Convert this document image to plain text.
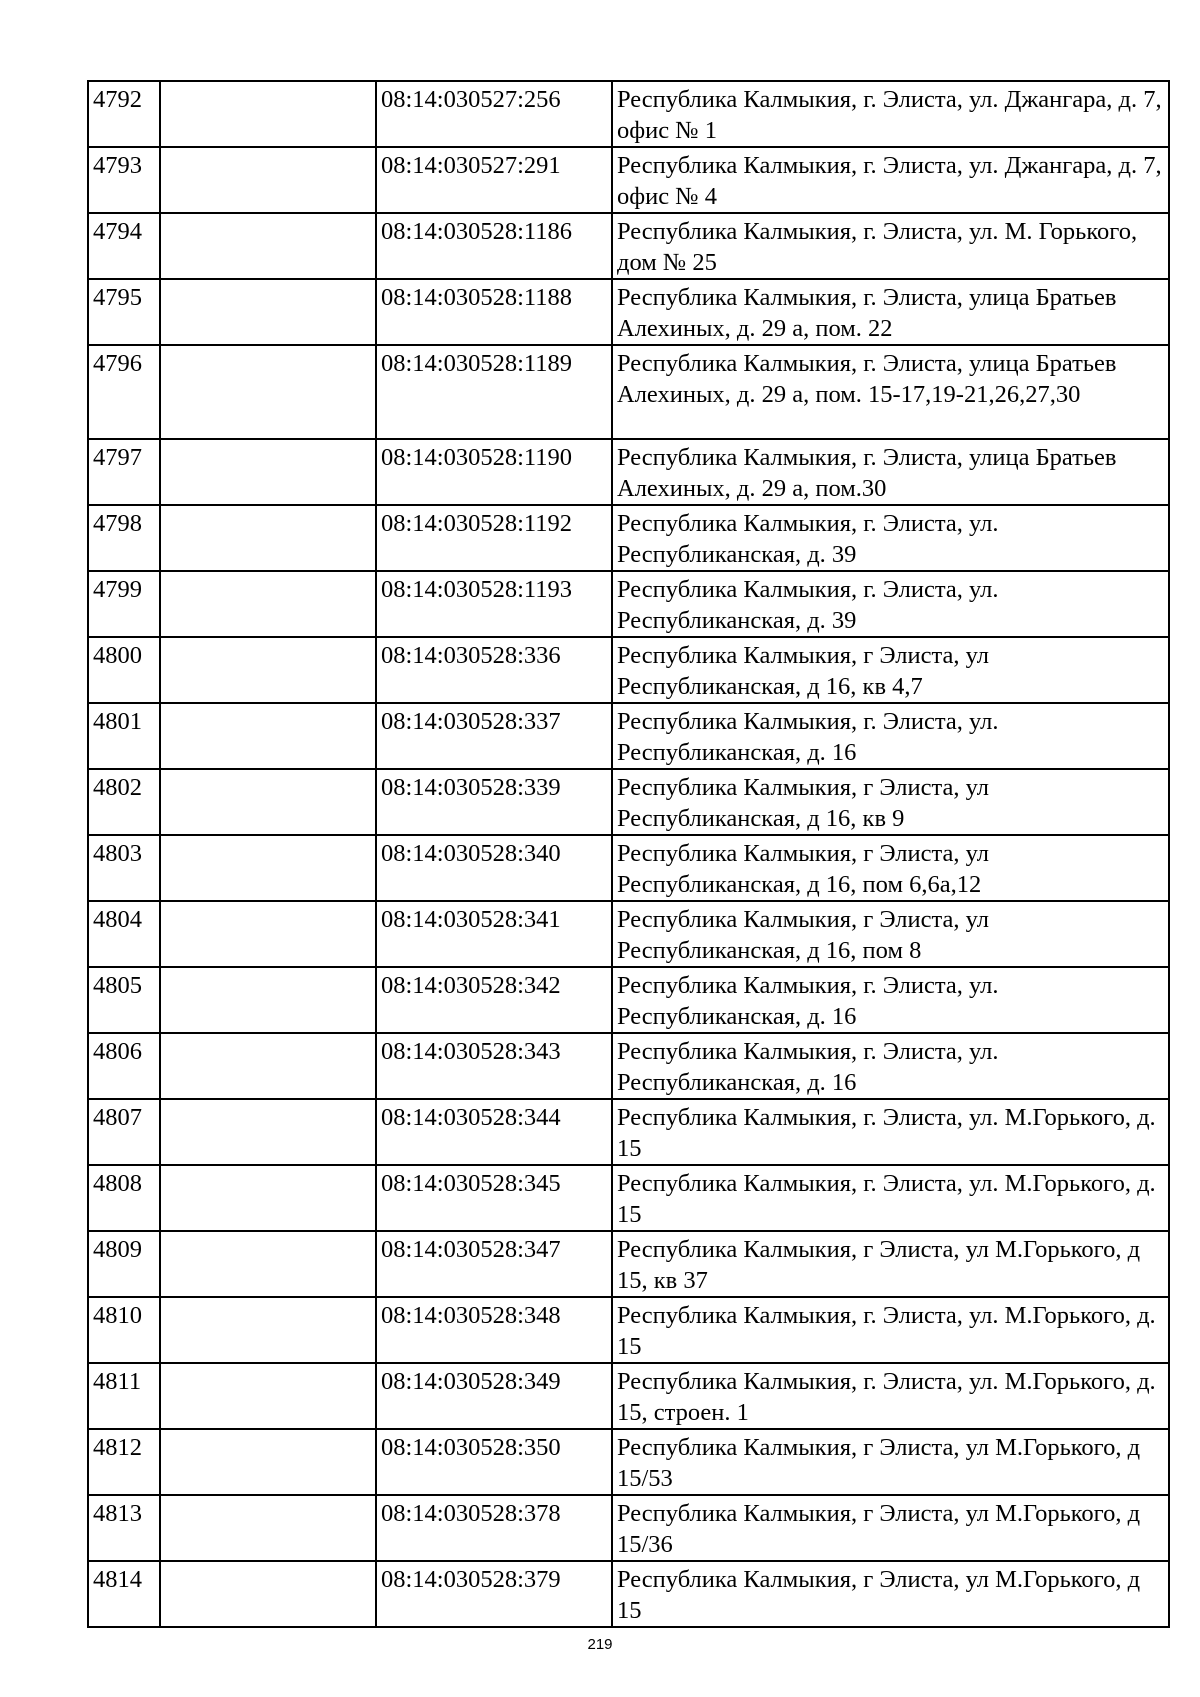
4792		08:14:030527:256	Республика Калмыкия, г. Элиста, ул. Джангара, д. 7, офис № 1
4793		08:14:030527:291	Республика Калмыкия, г. Элиста, ул. Джангара, д. 7, офис № 4
4794		08:14:030528:1186	Республика Калмыкия, г. Элиста, ул. М. Горького, дом № 25
4795		08:14:030528:1188	Республика Калмыкия, г. Элиста, улица Братьев Алехиных, д. 29 а, пом. 22
4796		08:14:030528:1189	Республика Калмыкия, г. Элиста, улица Братьев Алехиных, д. 29 а, пом. 15-17,19-21,26,27,30
4797		08:14:030528:1190	Республика Калмыкия, г. Элиста, улица Братьев Алехиных, д. 29 а, пом.30
4798		08:14:030528:1192	Республика Калмыкия, г. Элиста, ул. Республиканская, д. 39
4799		08:14:030528:1193	Республика Калмыкия, г. Элиста, ул. Республиканская, д. 39
4800		08:14:030528:336	Республика Калмыкия, г Элиста, ул Республиканская, д 16, кв 4,7
4801		08:14:030528:337	Республика Калмыкия, г. Элиста, ул. Республиканская, д. 16
4802		08:14:030528:339	Республика Калмыкия, г Элиста, ул Республиканская, д 16, кв 9
4803		08:14:030528:340	Республика Калмыкия, г Элиста, ул Республиканская, д 16, пом 6,6а,12
4804		08:14:030528:341	Республика Калмыкия, г Элиста, ул Республиканская, д 16, пом 8
4805		08:14:030528:342	Республика Калмыкия, г. Элиста, ул. Республиканская, д. 16
4806		08:14:030528:343	Республика Калмыкия, г. Элиста, ул. Республиканская, д. 16
4807		08:14:030528:344	Республика Калмыкия, г. Элиста, ул. М.Горького, д. 15
4808		08:14:030528:345	Республика Калмыкия, г. Элиста, ул. М.Горького, д. 15
4809		08:14:030528:347	Республика Калмыкия, г Элиста, ул М.Горького, д 15, кв 37
4810		08:14:030528:348	Республика Калмыкия, г. Элиста, ул. М.Горького, д. 15
4811		08:14:030528:349	Республика Калмыкия, г. Элиста, ул. М.Горького, д. 15, строен. 1
4812		08:14:030528:350	Республика Калмыкия, г Элиста, ул М.Горького, д 15/53
4813		08:14:030528:378	Республика Калмыкия, г Элиста, ул М.Горького, д 15/36
4814		08:14:030528:379	Республика Калмыкия, г Элиста, ул М.Горького, д 15
219
